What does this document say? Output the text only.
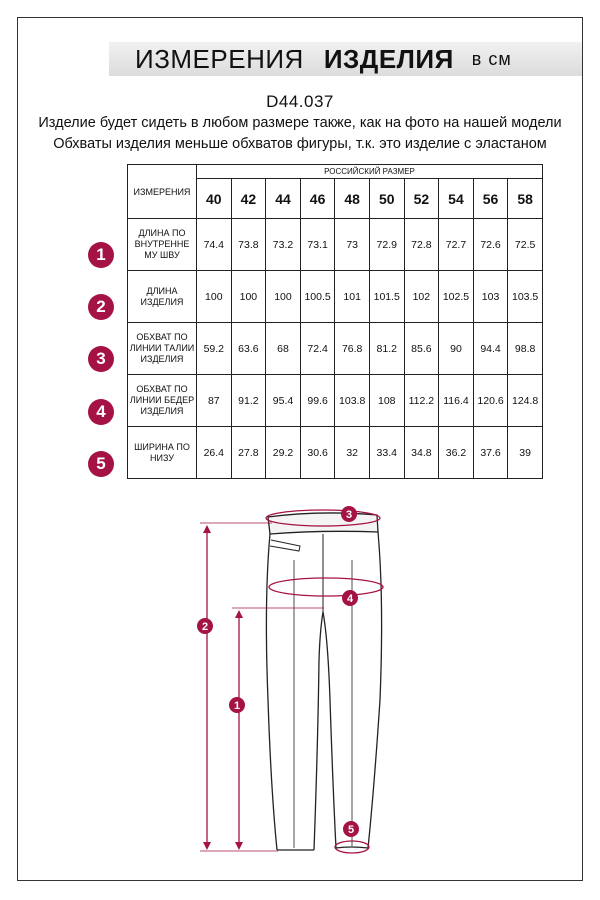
ИЗМЕРЕНИЯ ИЗДЕЛИЯ в см
D44.037
Изделие будет сидеть в любом размере также, как на фото на нашей модели
Обхваты изделия меньше обхватов фигуры, т.к. это изделие с эластаном
ИЗМЕРЕНИЯ	РОССИЙСКИЙ РАЗМЕР									
	40	42	44	46	48	50	52	54	56	58
ДЛИНА ПО ВНУТРЕННЕ МУ ШВУ	74.4	73.8	73.2	73.1	73	72.9	72.8	72.7	72.6	72.5
ДЛИНА ИЗДЕЛИЯ	100	100	100	100.5	101	101.5	102	102.5	103	103.5
ОБХВАТ ПО ЛИНИИ ТАЛИИ ИЗДЕЛИЯ	59.2	63.6	68	72.4	76.8	81.2	85.6	90	94.4	98.8
ОБХВАТ ПО ЛИНИИ БЕДЕР ИЗДЕЛИЯ	87	91.2	95.4	99.6	103.8	108	112.2	116.4	120.6	124.8
ШИРИНА ПО НИЗУ	26.4	27.8	29.2	30.6	32	33.4	34.8	36.2	37.6	39
1
2
3
4
5
2
1
3
4
5
